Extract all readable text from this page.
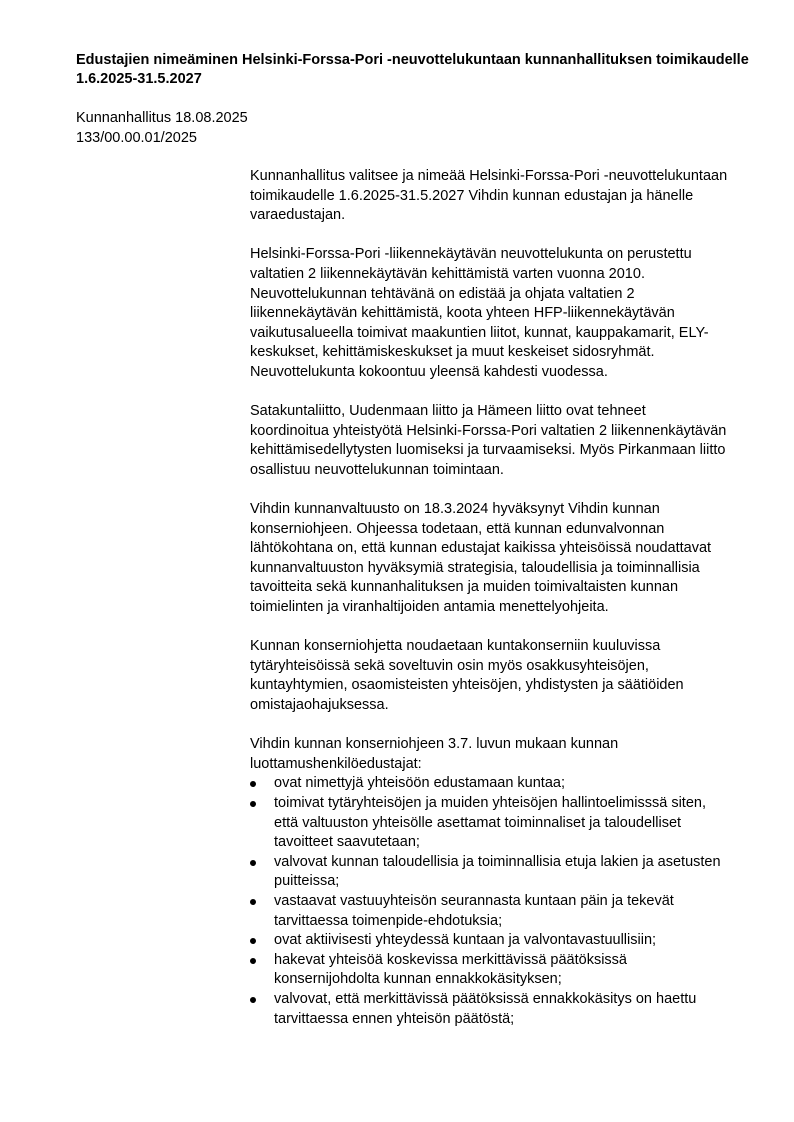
Edustajien nimeäminen Helsinki-Forssa-Pori -neuvottelukuntaan kunnanhallituksen toimikaudelle
1.6.2025-31.5.2027
Kunnanhallitus 18.08.2025
133/00.00.01/2025

Kunnanhallitus valitsee ja nimeää Helsinki-Forssa-Pori -neuvottelukuntaan
toimikaudelle 1.6.2025-31.5.2027 Vihdin kunnan edustajan ja hänelle
varaedustajan.

Helsinki-Forssa-Pori -liikennekäytävän neuvottelukunta on perustettu
valtatien 2 liikennekäytävän kehittämistä varten vuonna 2010.
Neuvottelukunnan tehtävänä on edistää ja ohjata valtatien 2
liikennekäytävän kehittämistä, koota yhteen HFP-liikennekäytävän
vaikutusalueella toimivat maakuntien liitot, kunnat, kauppakamarit, ELY-
keskukset, kehittämiskeskukset ja muut keskeiset sidosryhmät.
Neuvottelukunta kokoontuu yleensä kahdesti vuodessa.

Satakuntaliitto, Uudenmaan liitto ja Hämeen liitto ovat tehneet
koordinoitua yhteistyötä Helsinki-Forssa-Pori valtatien 2 liikennenkäytävän
kehittämisedellytysten luomiseksi ja turvaamiseksi. Myös Pirkanmaan liitto
osallistuu neuvottelukunnan toimintaan.

Vihdin kunnanvaltuusto on 18.3.2024 hyväksynyt Vihdin kunnan
konserniohjeen. Ohjeessa todetaan, että kunnan edunvalvonnan
lähtökohtana on, että kunnan edustajat kaikissa yhteisöissä noudattavat
kunnanvaltuuston hyväksymiä strategisia, taloudellisia ja toiminnallisia
tavoitteita sekä kunnanhalituksen ja muiden toimivaltaisten kunnan
toimielinten ja viranhaltijoiden antamia menettelyohjeita.

Kunnan konserniohjetta noudaetaan kuntakonserniin kuuluvissa
tytäryhteisöissä sekä soveltuvin osin myös osakkusyhteisöjen,
kuntayhtymien, osaomisteisten yhteisöjen, yhdistysten ja säätiöiden
omistajaohajuksessa.

Vihdin kunnan konserniohjeen 3.7. luvun mukaan kunnan
luottamushenkilöedustajat:

ovat nimettyjä yhteisöön edustamaan kuntaa;
toimivat tytäryhteisöjen ja muiden yhteisöjen hallintoelimisssä siten,
että valtuuston yhteisölle asettamat toiminnaliset ja taloudelliset
tavoitteet saavutetaan;
valvovat kunnan taloudellisia ja toiminnallisia etuja lakien ja asetusten
puitteissa;
vastaavat vastuuyhteisön seurannasta kuntaan päin ja tekevät
tarvittaessa toimenpide-ehdotuksia;
ovat aktiivisesti yhteydessä kuntaan ja valvontavastuullisiin;
hakevat yhteisöä koskevissa merkittävissä päätöksissä
konsernijohdolta kunnan ennakkokäsityksen;
valvovat, että merkittävissä päätöksissä ennakkokäsitys on haettu
tarvittaessa ennen yhteisön päätöstä;
